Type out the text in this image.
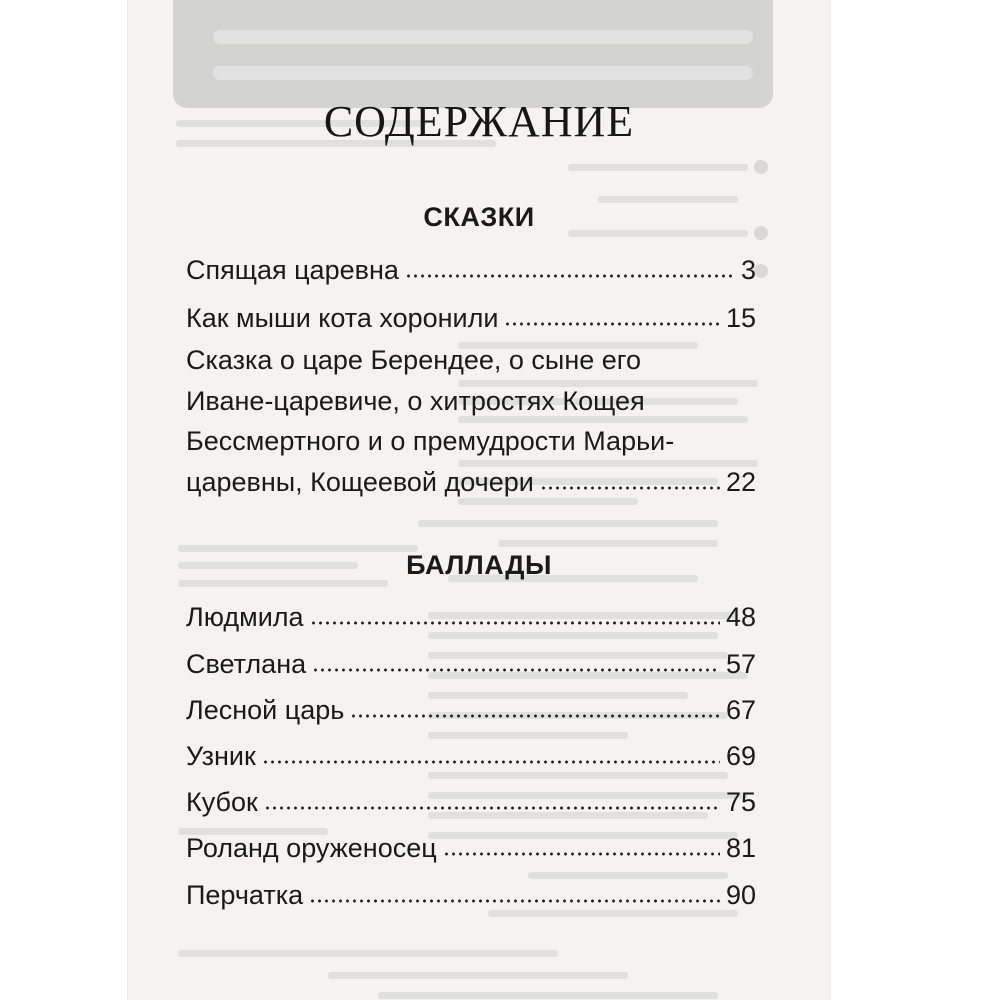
СОДЕРЖАНИЕ
СКАЗКИ
Спящая царевна	3
Как мыши кота хоронили	15
Сказка о царе Берендее, о сыне его
Иване-царевиче, о хитростях Кощея
Бессмертного и о премудрости Марьи-
царевны, Кощеевой дочери	22
БАЛЛАДЫ
Людмила	48
Светлана	57
Лесной царь	67
Узник	69
Кубок	75
Роланд оруженосец	81
Перчатка	90
